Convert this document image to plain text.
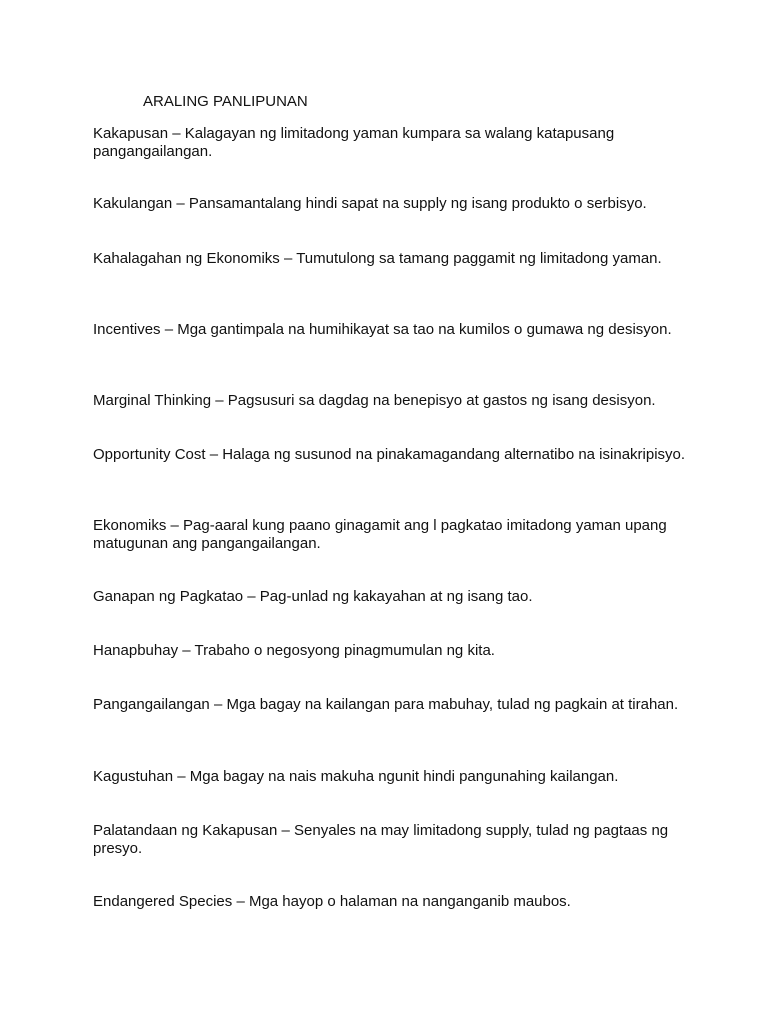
ARALING PANLIPUNAN

Kakapusan – Kalagayan ng limitadong yaman kumpara sa walang katapusang pangangailangan.

Kakulangan – Pansamantalang hindi sapat na supply ng isang produkto o serbisyo.

Kahalagahan ng Ekonomiks – Tumutulong sa tamang paggamit ng limitadong yaman.

Incentives – Mga gantimpala na humihikayat sa tao na kumilos o gumawa ng desisyon.

Marginal Thinking – Pagsusuri sa dagdag na benepisyo at gastos ng isang desisyon.

Opportunity Cost – Halaga ng susunod na pinakamagandang alternatibo na isinakripisyo.

Ekonomiks – Pag-aaral kung paano ginagamit ang l pagkatao imitadong yaman upang matugunan ang pangangailangan.

Ganapan ng Pagkatao – Pag-unlad ng kakayahan at ng isang tao.

Hanapbuhay – Trabaho o negosyong pinagmumulan ng kita.

Pangangailangan – Mga bagay na kailangan para mabuhay, tulad ng pagkain at tirahan.

Kagustuhan – Mga bagay na nais makuha ngunit hindi pangunahing kailangan.

Palatandaan ng Kakapusan – Senyales na may limitadong supply, tulad ng pagtaas ng presyo.

Endangered Species – Mga hayop o halaman na nanganganib maubos.
